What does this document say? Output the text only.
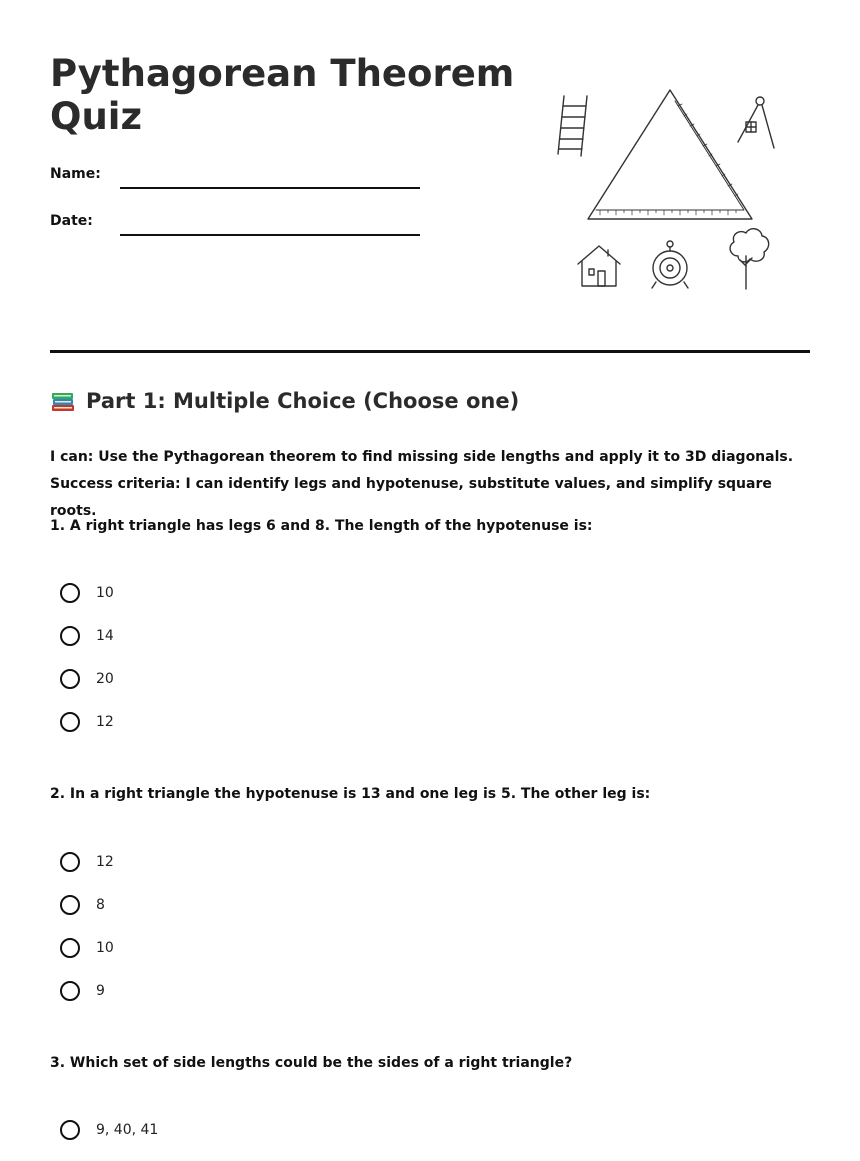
Pythagorean Theorem Quiz
Name:
Date:
Part 1: Multiple Choice (Choose one)
I can: Use the Pythagorean theorem to find missing side lengths and apply it to 3D diagonals.
Success criteria: I can identify legs and hypotenuse, substitute values, and simplify square roots.
1. A right triangle has legs 6 and 8. The length of the hypotenuse is:
10
14
20
12
2. In a right triangle the hypotenuse is 13 and one leg is 5. The other leg is:
12
8
10
9
3. Which set of side lengths could be the sides of a right triangle?
9, 40, 41
